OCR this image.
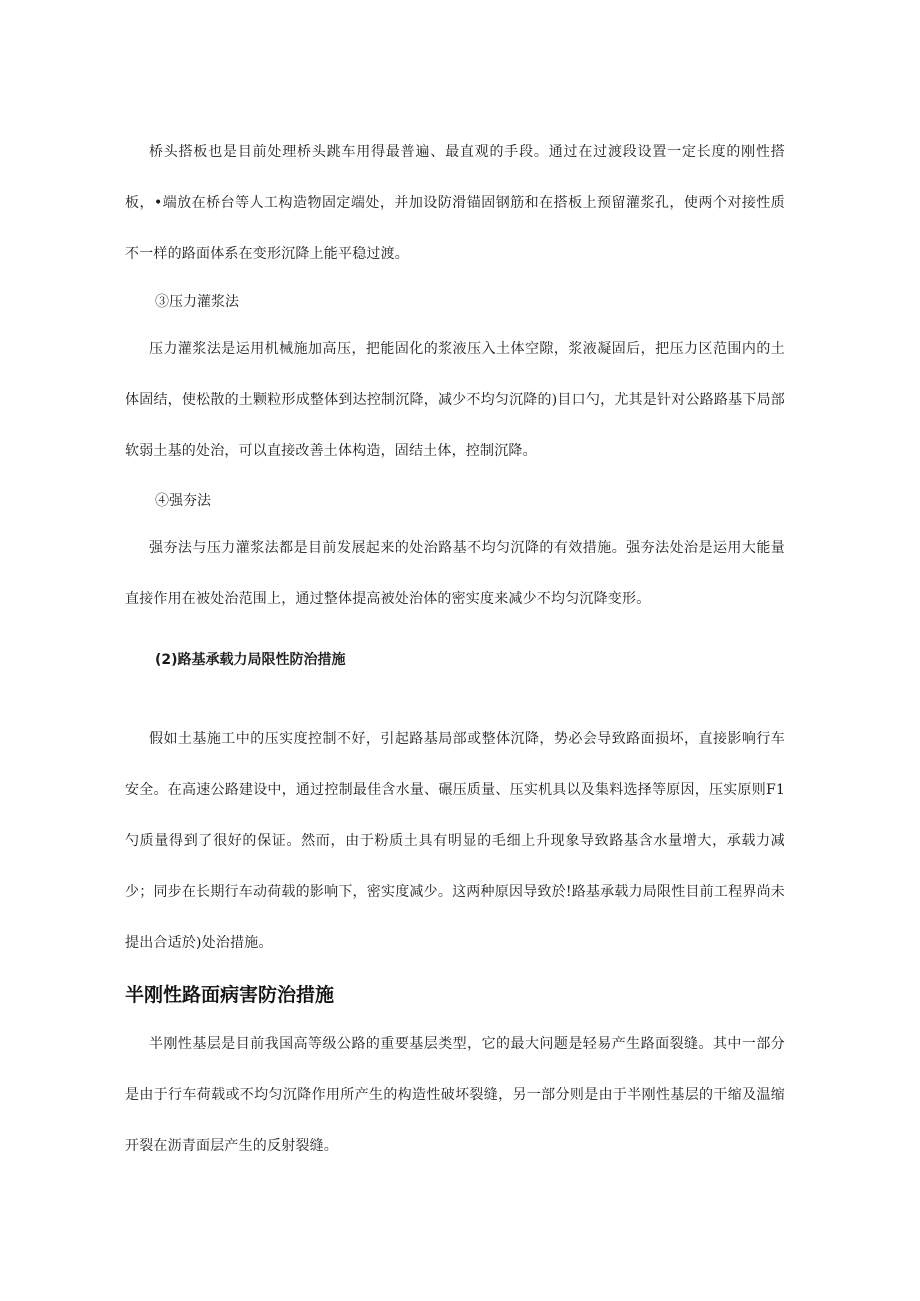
桥头搭板也是目前处理桥头跳车用得最普遍、最直观的手段。通过在过渡段设置一定长度的刚性搭板，•端放在桥台等人工构造物固定端处，并加设防滑锚固钢筋和在搭板上预留灌浆孔，使两个对接性质不一样的路面体系在变形沉降上能平稳过渡。

③压力灌浆法

压力灌浆法是运用机械施加高压，把能固化的浆液压入土体空隙，浆液凝固后，把压力区范围内的土体固结，使松散的土颗粒形成整体到达控制沉降，减少不均匀沉降的)目口勺，尤其是针对公路路基下局部软弱土基的处治，可以直接改善土体构造，固结土体，控制沉降。

④强夯法

强夯法与压力灌浆法都是目前发展起来的处治路基不均匀沉降的有效措施。强夯法处治是运用大能量直接作用在被处治范围上，通过整体提高被处治体的密实度来减少不均匀沉降变形。

(2)路基承载力局限性防治措施

假如土基施工中的压实度控制不好，引起路基局部或整体沉降，势必会导致路面损坏，直接影响行车安全。在高速公路建设中，通过控制最佳含水量、碾压质量、压实机具以及集料选择等原因，压实原则F1勺质量得到了很好的保证。然而，由于粉质土具有明显的毛细上升现象导致路基含水量增大，承载力减少；同步在长期行车动荷载的影响下，密实度减少。这两种原因导致於!路基承载力局限性目前工程界尚未提出合适於)处治措施。

半刚性路面病害防治措施

半刚性基层是目前我国高等级公路的重要基层类型，它的最大问题是轻易产生路面裂缝。其中一部分是由于行车荷载或不均匀沉降作用所产生的构造性破坏裂缝，另一部分则是由于半刚性基层的干缩及温缩开裂在沥青面层产生的反射裂缝。
